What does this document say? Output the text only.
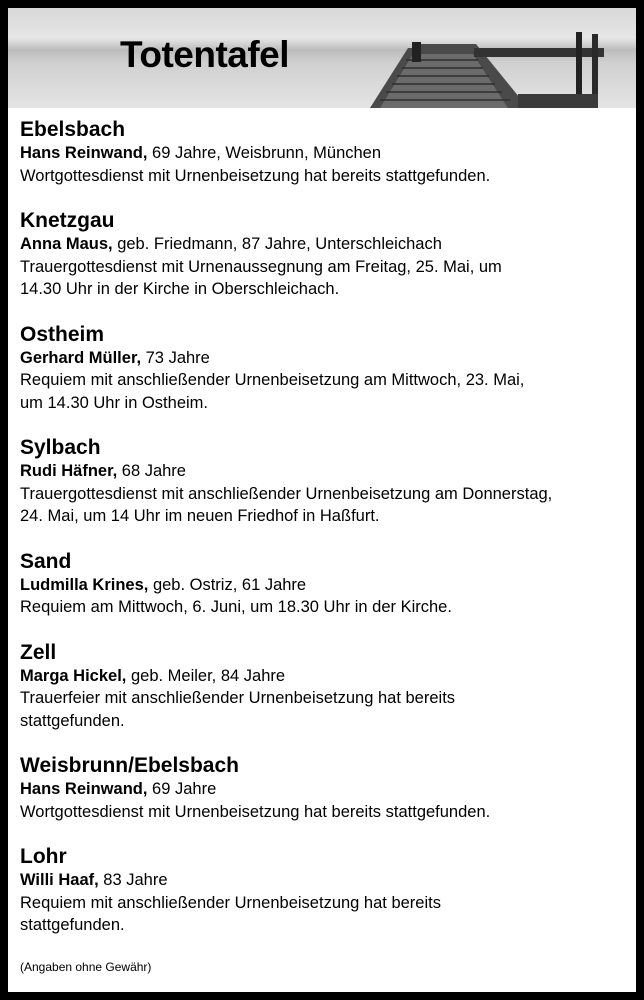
Totentafel
Ebelsbach
Hans Reinwand, 69 Jahre, Weisbrunn, München
Wortgottesdienst mit Urnenbeisetzung hat bereits stattgefunden.
Knetzgau
Anna Maus, geb. Friedmann, 87 Jahre, Unterschleichach
Trauergottesdienst mit Urnenaussegnung am Freitag, 25. Mai, um
14.30 Uhr in der Kirche in Oberschleichach.
Ostheim
Gerhard Müller, 73 Jahre
Requiem mit anschließender Urnenbeisetzung am Mittwoch, 23. Mai,
um 14.30 Uhr in Ostheim.
Sylbach
Rudi Häfner, 68 Jahre
Trauergottesdienst mit anschließender Urnenbeisetzung am Donnerstag,
24. Mai, um 14 Uhr im neuen Friedhof in Haßfurt.
Sand
Ludmilla Krines, geb. Ostriz, 61 Jahre
Requiem am Mittwoch, 6. Juni, um 18.30 Uhr in der Kirche.
Zell
Marga Hickel, geb. Meiler, 84 Jahre
Trauerfeier mit anschließender Urnenbeisetzung hat bereits
stattgefunden.
Weisbrunn/Ebelsbach
Hans Reinwand, 69 Jahre
Wortgottesdienst mit Urnenbeisetzung hat bereits stattgefunden.
Lohr
Willi Haaf, 83 Jahre
Requiem mit anschließender Urnenbeisetzung hat bereits
stattgefunden.
(Angaben ohne Gewähr)
